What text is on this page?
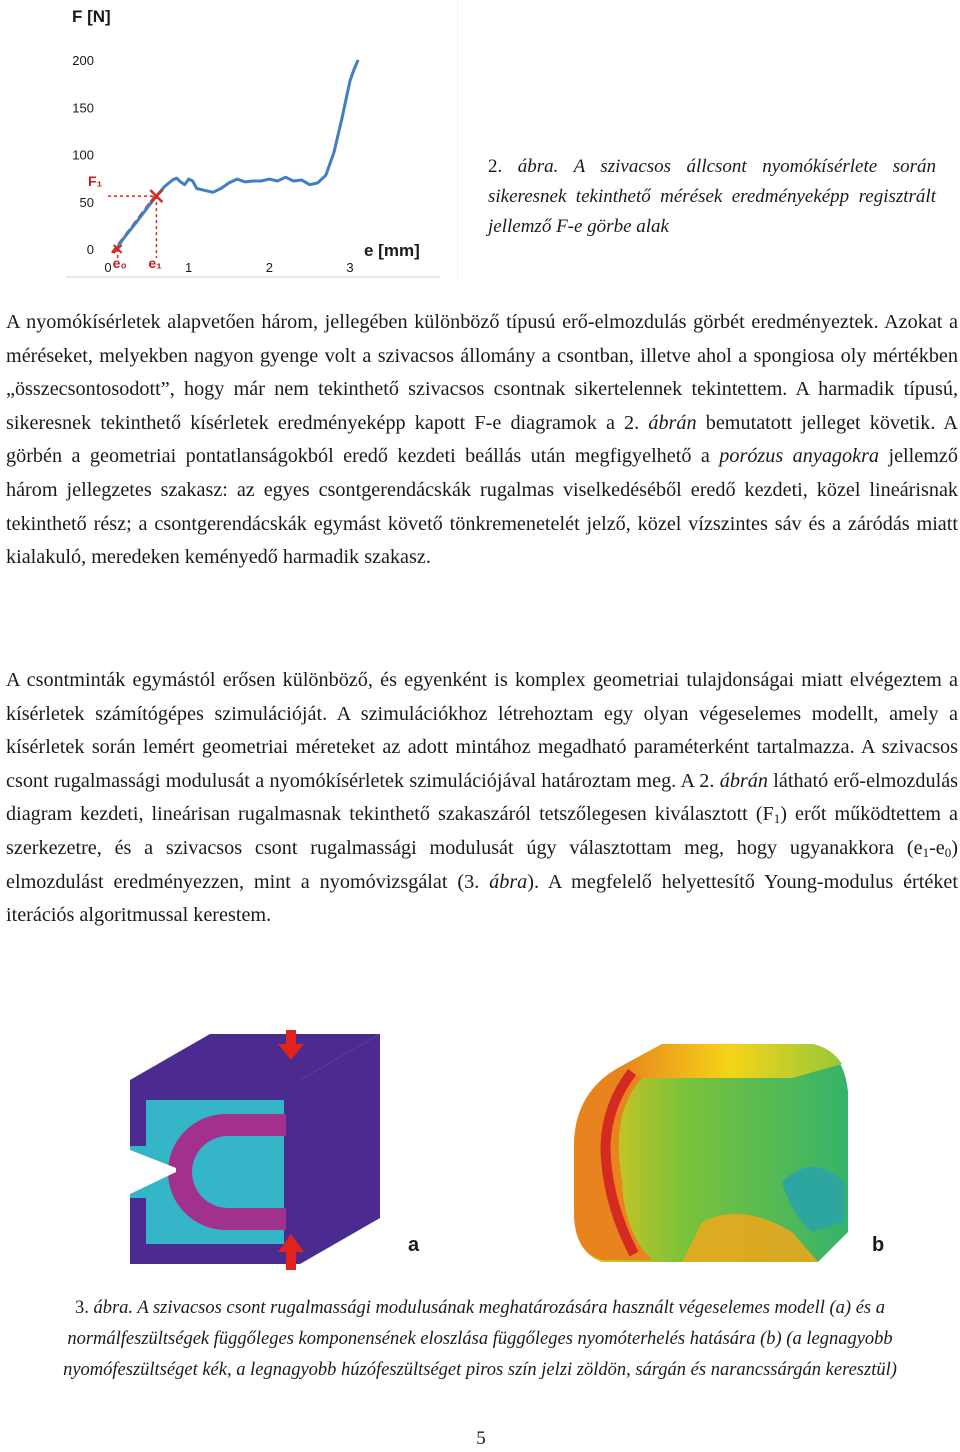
F [N]
e [mm]
0
50
100
150
200
0	1	2	3
F₁
e₀ e₁
2. ábra. A szivacsos állcsont nyomókísérlete során sikeresnek tekinthető mérések eredményeképp regisztrált jellemző F-e görbe alak
A nyomókísérletek alapvetően három, jellegében különböző típusú erő-elmozdulás görbét eredményeztek. Azokat a méréseket, melyekben nagyon gyenge volt a szivacsos állomány a csontban, illetve ahol a spongiosa oly mértékben „összecsontosodott”, hogy már nem tekinthető szivacsos csontnak sikertelennek tekintettem. A harmadik típusú, sikeresnek tekinthető kísérletek eredményeképp kapott F-e diagramok a 2. ábrán bemutatott jelleget követik. A görbén a geometriai pontatlanságokból eredő kezdeti beállás után megfigyelhető a porózus anyagokra jellemző három jellegzetes szakasz: az egyes csontgerendácskák rugalmas viselkedéséből eredő kezdeti, közel lineárisnak tekinthető rész; a csontgerendácskák egymást követő tönkremenetelét jelző, közel vízszintes sáv és a záródás miatt kialakuló, meredeken keményedő harmadik szakasz.
A csontminták egymástól erősen különböző, és egyenként is komplex geometriai tulajdonságai miatt elvégeztem a kísérletek számítógépes szimulációját. A szimulációkhoz létrehoztam egy olyan végeselemes modellt, amely a kísérletek során lemért geometriai méreteket az adott mintához megadható paraméterként tartalmazza. A szivacsos csont rugalmassági modulusát a nyomókísérletek szimulációjával határoztam meg. A 2. ábrán látható erő-elmozdulás diagram kezdeti, lineárisan rugalmasnak tekinthető szakaszáról tetszőlegesen kiválasztott $(F_1)$ erőt működtettem a szerkezetre, és a szivacsos csont rugalmassági modulusát úgy választottam meg, hogy ugyanakkora $(e_1-e_0)$ elmozdulást eredményezzen, mint a nyomóvizsgálat (3. ábra). A megfelelő helyettesítő Young-modulus értéket iterációs algoritmussal kerestem.
a	b
3. ábra. A szivacsos csont rugalmassági modulusának meghatározására használt végeselemes modell (a) és a normálfeszültségek függőleges komponensének eloszlása függőleges nyomóterhelés hatására (b) (a legnagyobb nyomófeszültséget kék, a legnagyobb húzófeszültséget piros szín jelzi zöldön, sárgán és narancssárgán keresztül)
5
